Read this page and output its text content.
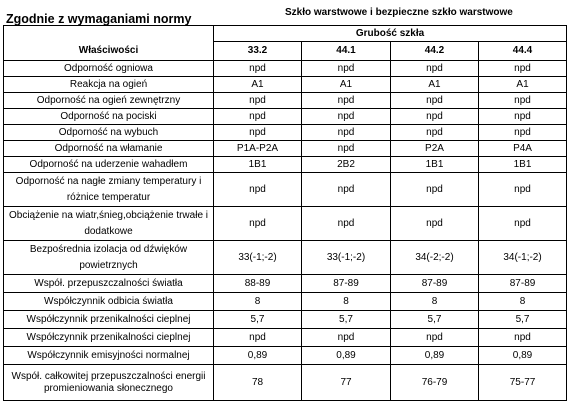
Zgodnie z wymaganiami normy	Szkło warstwowe i bezpieczne szkło warstwowe
	Grubość szkła			
Właściwości	33.2	44.1	44.2	44.4
Odporność ogniowa	npd	npd	npd	npd
Reakcja na ogień	A1	A1	A1	A1
Odporność na ogień zewnętrzny	npd	npd	npd	npd
Odporność na pociski	npd	npd	npd	npd
Odporność na wybuch	npd	npd	npd	npd
Odporność na włamanie	P1A-P2A	npd	P2A	P4A
Odporność na uderzenie wahadłem	1B1	2B2	1B1	1B1
Odporność na nagłe zmiany temperatury i różnice temperatur	npd	npd	npd	npd
Obciążenie na wiatr,śnieg,obciążenie trwałe i dodatkowe	npd	npd	npd	npd
Bezpośrednia izolacja od dźwięków powietrznych	33(-1;-2)	33(-1;-2)	34(-2;-2)	34(-1;-2)
Współ. przepuszczalności światła	88-89	87-89	87-89	87-89
Współczynnik odbicia światła	8	8	8	8
Współczynnik przenikalności cieplnej	5,7	5,7	5,7	5,7
Współczynnik przenikalności cieplnej	npd	npd	npd	npd
Współczynnik emisyjności normalnej	0,89	0,89	0,89	0,89
Współ. całkowitej przepuszczalności energii promieniowania słonecznego	78	77	76-79	75-77
